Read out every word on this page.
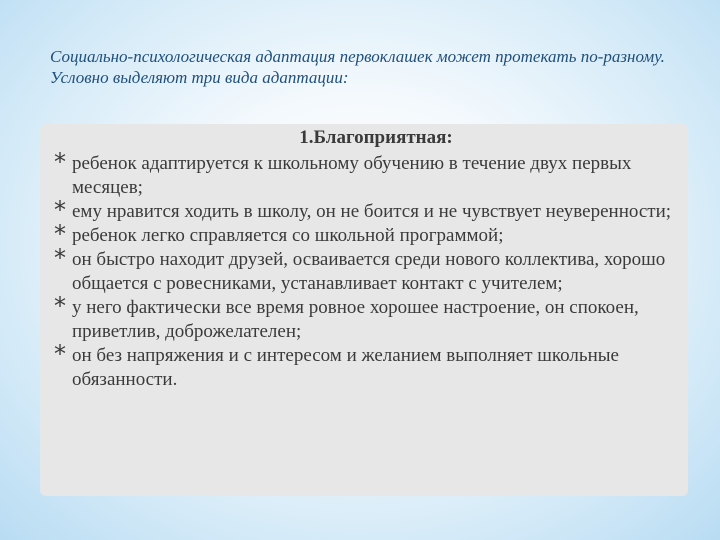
Социально-психологическая адаптация первоклашек может протекать по-разному. Условно выделяют три вида адаптации:
1.Благоприятная:
* ребенок адаптируется к школьному обучению в течение двух первых месяцев;
* ему нравится ходить в школу, он не боится и не чувствует неуверенности;
* ребенок легко справляется со школьной программой;
* он быстро находит друзей, осваивается среди нового коллектива, хорошо общается с ровесниками, устанавливает контакт с учителем;
* у него фактически все время ровное хорошее настроение, он спокоен, приветлив, доброжелателен;
* он без напряжения и с интересом и желанием выполняет школьные обязанности.
